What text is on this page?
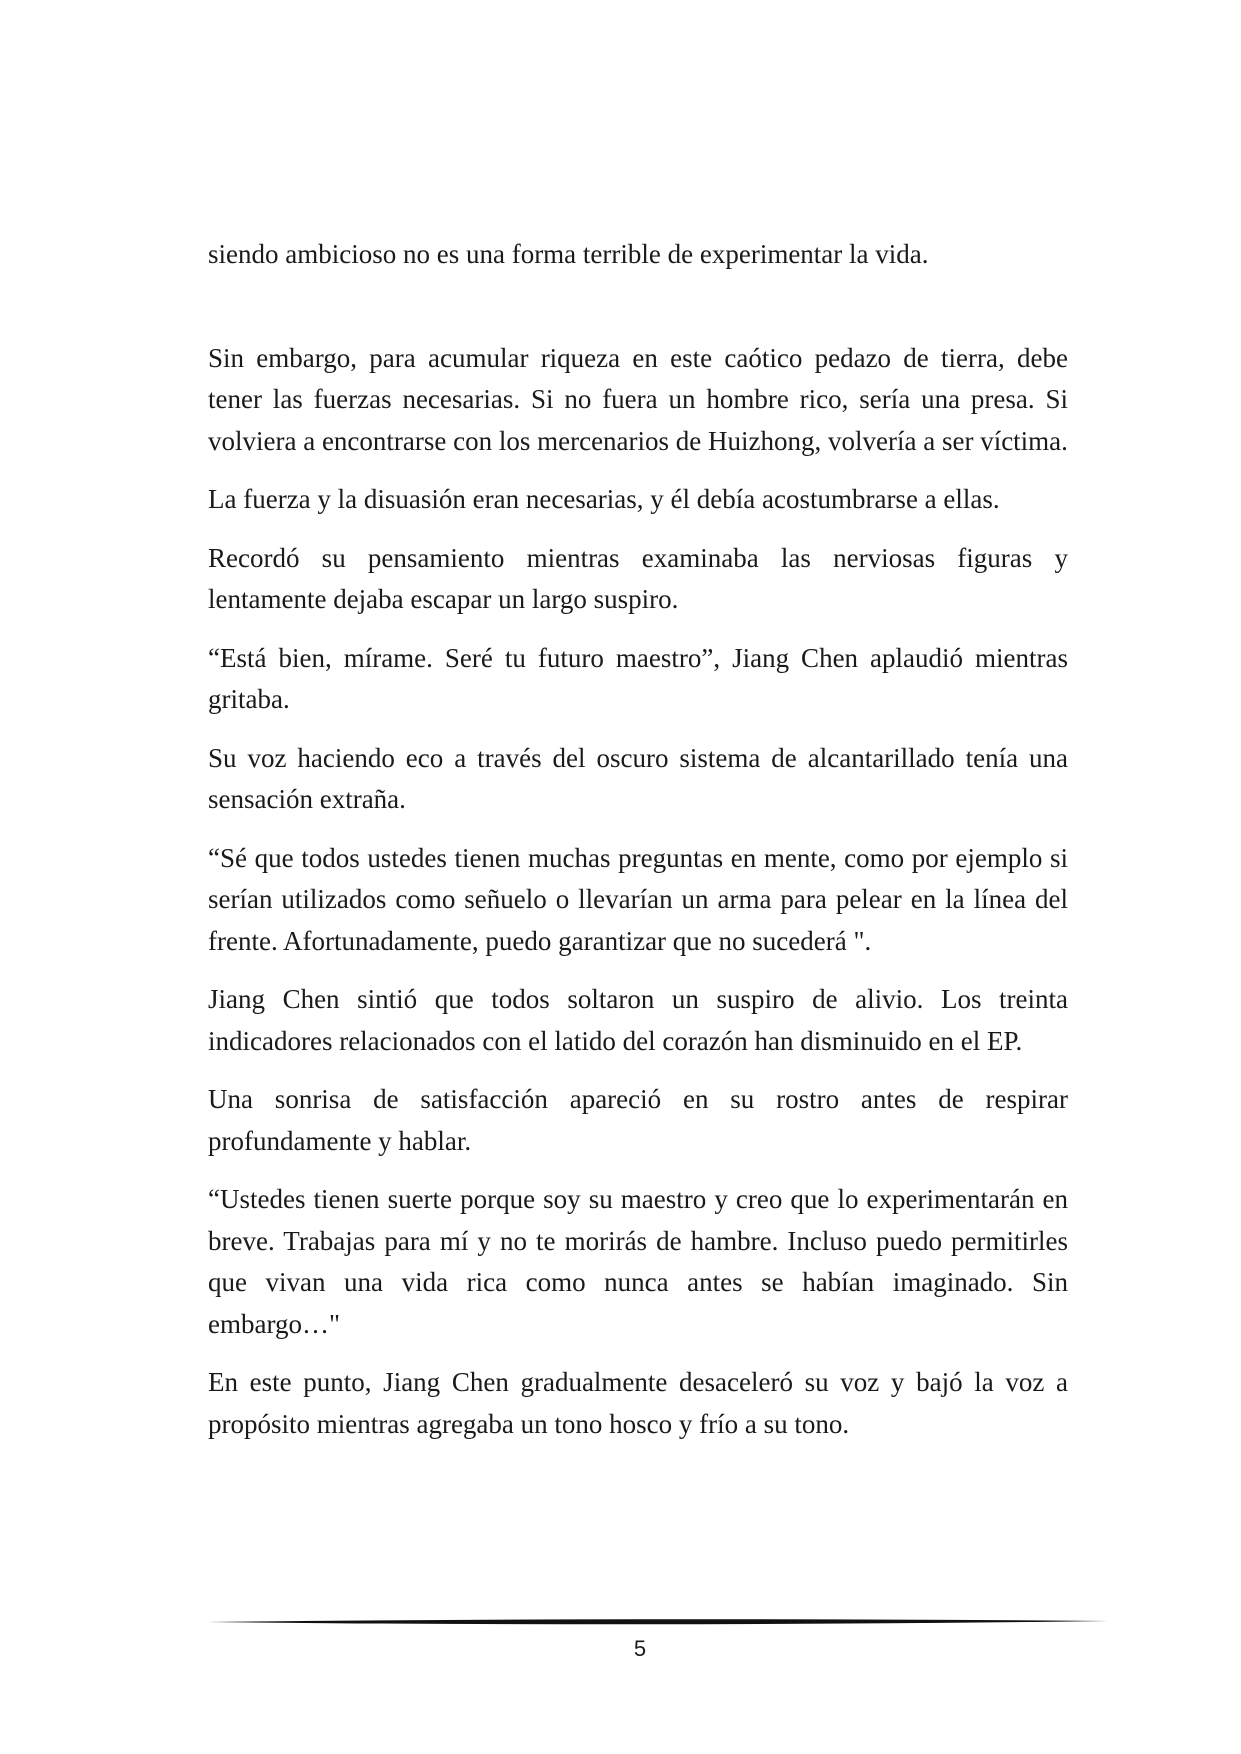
siendo ambicioso no es una forma terrible de experimentar la vida.

Sin embargo, para acumular riqueza en este caótico pedazo de tierra, debe tener las fuerzas necesarias. Si no fuera un hombre rico, sería una presa. Si volviera a encontrarse con los mercenarios de Huizhong, volvería a ser víctima.

La fuerza y la disuasión eran necesarias, y él debía acostumbrarse a ellas.

Recordó su pensamiento mientras examinaba las nerviosas figuras y lentamente dejaba escapar un largo suspiro.

“Está bien, mírame. Seré tu futuro maestro”, Jiang Chen aplaudió mientras gritaba.

Su voz haciendo eco a través del oscuro sistema de alcantarillado tenía una sensación extraña.

“Sé que todos ustedes tienen muchas preguntas en mente, como por ejemplo si serían utilizados como señuelo o llevarían un arma para pelear en la línea del frente. Afortunadamente, puedo garantizar que no sucederá ".

Jiang Chen sintió que todos soltaron un suspiro de alivio. Los treinta indicadores relacionados con el latido del corazón han disminuido en el EP.

Una sonrisa de satisfacción apareció en su rostro antes de respirar profundamente y hablar.

“Ustedes tienen suerte porque soy su maestro y creo que lo experimentarán en breve. Trabajas para mí y no te morirás de hambre. Incluso puedo permitirles que vivan una vida rica como nunca antes se habían imaginado. Sin embargo…"

En este punto, Jiang Chen gradualmente desaceleró su voz y bajó la voz a propósito mientras agregaba un tono hosco y frío a su tono.

5
